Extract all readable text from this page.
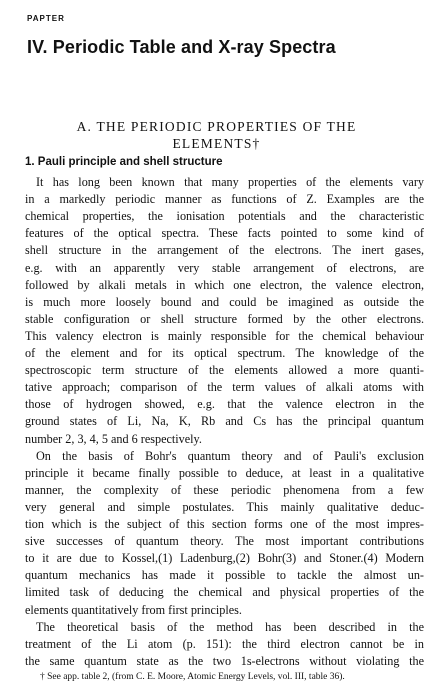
PAPTER
IV. Periodic Table and X-ray Spectra
A. THE PERIODIC PROPERTIES OF THE
ELEMENTS†
1. Pauli principle and shell structure
It has long been known that many properties of the elements vary
in a markedly periodic manner as functions of Z. Examples are the
chemical properties, the ionisation potentials and the characteristic
features of the optical spectra. These facts pointed to some kind of
shell structure in the arrangement of the electrons. The inert gases,
e.g. with an apparently very stable arrangement of electrons, are
followed by alkali metals in which one electron, the valence electron,
is much more loosely bound and could be imagined as outside the
stable configuration or shell structure formed by the other electrons.
This valency electron is mainly responsible for the chemical behaviour
of the element and for its optical spectrum. The knowledge of the
spectroscopic term structure of the elements allowed a more quanti-
tative approach; comparison of the term values of alkali atoms with
those of hydrogen showed, e.g. that the valence electron in the
ground states of Li, Na, K, Rb and Cs has the principal quantum
number 2, 3, 4, 5 and 6 respectively.
On the basis of Bohr's quantum theory and of Pauli's exclusion
principle it became finally possible to deduce, at least in a qualitative
manner, the complexity of these periodic phenomena from a few
very general and simple postulates. This mainly qualitative deduc-
tion which is the subject of this section forms one of the most impres-
sive successes of quantum theory. The most important contributions
to it are due to Kossel,(1) Ladenburg,(2) Bohr(3) and Stoner.(4) Modern
quantum mechanics has made it possible to tackle the almost un-
limited task of deducing the chemical and physical properties of the
elements quantitatively from first principles.
The theoretical basis of the method has been described in the
treatment of the Li atom (p. 151): the third electron cannot be in
the same quantum state as the two 1s-electrons without violating the
† See app. table 2, (from C. E. Moore, Atomic Energy Levels, vol. III, table 36).
